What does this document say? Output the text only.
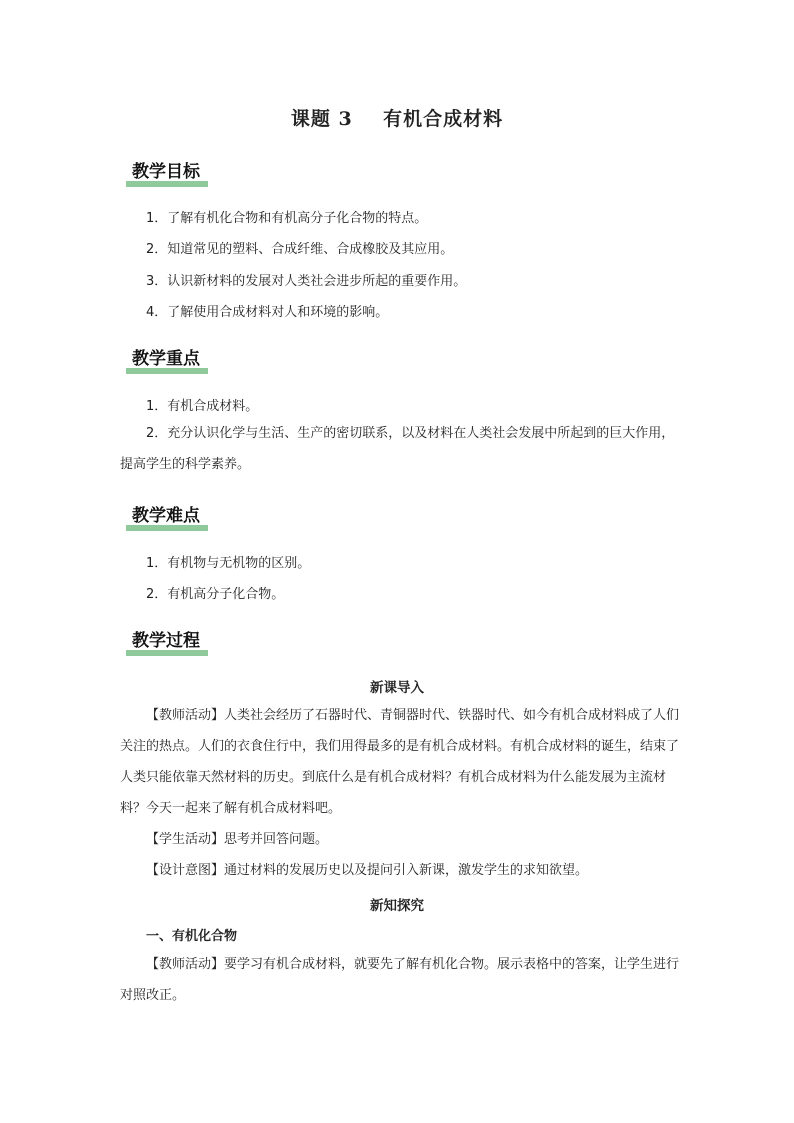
课题 3    有机合成材料
教学目标
1．了解有机化合物和有机高分子化合物的特点。
2．知道常见的塑料、合成纤维、合成橡胶及其应用。
3．认识新材料的发展对人类社会进步所起的重要作用。
4．了解使用合成材料对人和环境的影响。
教学重点
1．有机合成材料。
2．充分认识化学与生活、生产的密切联系，以及材料在人类社会发展中所起到的巨大作用，提高学生的科学素养。
教学难点
1．有机物与无机物的区别。
2．有机高分子化合物。
教学过程
新课导入
【教师活动】人类社会经历了石器时代、青铜器时代、铁器时代、如今有机合成材料成了人们关注的热点。人们的衣食住行中，我们用得最多的是有机合成材料。有机合成材料的诞生，结束了人类只能依靠天然材料的历史。到底什么是有机合成材料？有机合成材料为什么能发展为主流材料？今天一起来了解有机合成材料吧。
【学生活动】思考并回答问题。
【设计意图】通过材料的发展历史以及提问引入新课，激发学生的求知欲望。
新知探究
一、有机化合物
【教师活动】要学习有机合成材料，就要先了解有机化合物。展示表格中的答案，让学生进行对照改正。
